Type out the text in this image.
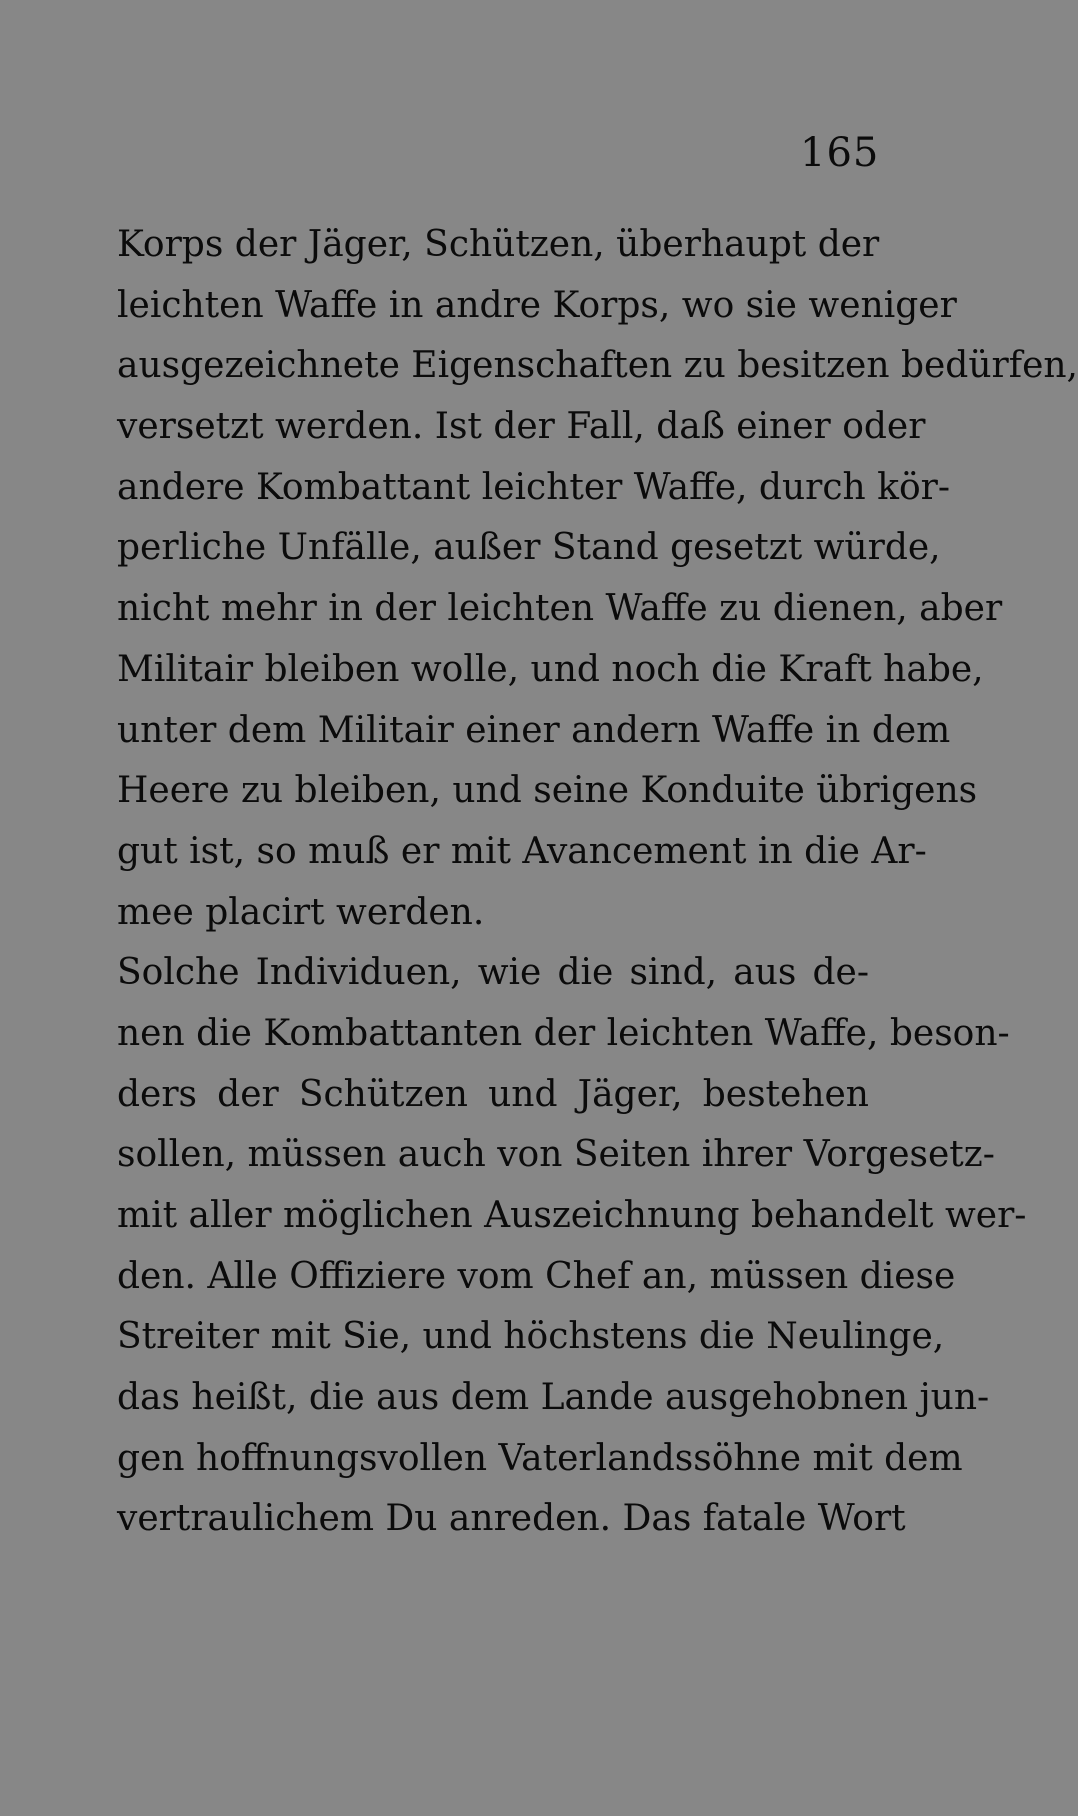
165
Korps der Jäger, Schützen, überhaupt der
leichten Waffe in andre Korps, wo sie weniger
ausgezeichnete Eigenschaften zu besitzen bedürfen,
versetzt werden. Ist der Fall, daß einer oder
andere Kombattant leichter Waffe, durch kör-
perliche Unfälle, außer Stand gesetzt würde,
nicht mehr in der leichten Waffe zu dienen, aber
Militair bleiben wolle, und noch die Kraft habe,
unter dem Militair einer andern Waffe in dem
Heere zu bleiben, und seine Konduite übrigens
gut ist, so muß er mit Avancement in die Ar-
mee placirt werden.
Solche Individuen, wie die sind, aus de-
nen die Kombattanten der leichten Waffe, beson-
ders der Schützen und Jäger, bestehen
sollen, müssen auch von Seiten ihrer Vorgesetz-
mit aller möglichen Auszeichnung behandelt wer-
den. Alle Offiziere vom Chef an, müssen diese
Streiter mit Sie, und höchstens die Neulinge,
das heißt, die aus dem Lande ausgehobnen jun-
gen hoffnungsvollen Vaterlandssöhne mit dem
vertraulichem Du anreden. Das fatale Wort
